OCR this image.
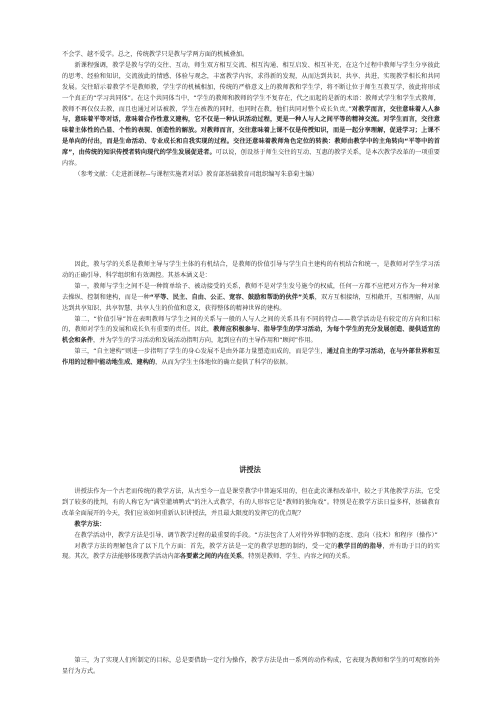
不会学、越不爱学。总之，传统教学只是教与学两方面的机械叠加。

新课程强调，教学是教与学的交往、互动，师生双方相互交流、相互沟通、相互启发、相互补充，在这个过程中教师与学生分享彼此的思考、经验和知识，交流彼此的情感、体验与观念，丰富教学内容，求得新的发现，从而达到共识、共享、共进，实现教学相长和共同发展。交往昭示着教学不是教师教，学生学的机械相加，传统的严格意义上的教师教和学生学，将不断让位于师生互教互学，彼此将形成一个真正的“学习共同体”。在这个共同体当中，“学生的教师和教师的学生不复存在，代之而起的是新的术语：教师式学生和学生式教师，教师不再仅仅去教，而且也通过对话被教，学生在被教的同时，也同时在教，他们共同对整个成长负责。”对教学而言，交往意味着人人参与，意味着平等对话，意味着合作性意义建构，它不仅是一种认识活动过程，更是一种人与人之间平等的精神交流。对学生而言，交往意味着主体性的凸显、个性的表现、创造性的解放。对教师而言，交往意味着上课不仅是传授知识，而是一起分享理解，促进学习；上课不是单向的付出，而是生命活动、专业成长和自我实现的过程。交往还意味着教师角色定位的转换：教师由教学中的主角转向“平等中的首席”，由传统的知识传授者转向现代的学生发展促进者。可以说，创设基于师生交往的互动、互惠的教学关系，是本次教学改革的一项重要内容。

（参考文献：《走进新课程--与课程实施者对话》教育部基础教育司组织编写朱慕菊主编）

因此，教与学的关系是教师主导与学生主体的有机结合，是教师的价值引导与学生自主建构的有机结合和统一，是教师对学生学习活动的正确引导、科学组织和有效调控。其基本涵义是：

第一，教师与学生之间不是一种简单给予、被动接受的关系，教师不是对学生发号施令的权威，任何一方都不应把对方作为一种对象去操纵、控制和建构，而是一种“平等、民主、自由、公正、宽容、鼓励和帮助的伙伴”关系，双方互相接纳，互相敞开，互相理解，从而达到共享知识、共享智慧、共享人生的价值和意义，获得整体的精神世界的建构。

第二，“价值引导”旨在表明教师与学生之间的关系与一般的人与人之间的关系具有不同的特点——教学活动是有较定的方向和目标的，教师对学生的发展和成长负有重要的责任。因此，教师应积极参与、指导学生的学习活动，为每个学生的充分发展创造、提供适宜的机会和条件，并为学生的学习活动和发展活动指明方向，起到应有的主导作用和“顾问”作用。

第三，“自主建构”则进一步指明了学生的身心发展不是由外部力量塑造而成的，而是学生，通过自主的学习活动，在与外部世界和互作用的过程中能动地生成、建构的，从而为学生主体地位的确立提供了科学的依据。

讲授法

讲授法作为一个古老而传统的教学方法，从古至今一直是课堂教学中普遍采用的，但在此次课程改革中，较之于其他教学方法，它受到了较多的批判，有的人称它为“满堂灌填鸭式”的注入式教学，有的人形容它是“教师的独角戏”。特别是在教学方法日益多样，基础教育改革全面展开的今天，我们应该如何重新认识讲授法，并且最大限度的发挥它的优点呢？

教学方法：

在教学活动中，教学方法是引导、调节教学过程的最重要的手段。“方法包含了人对待外界事物的态度、意向（技术）和程序（操作）”

对教学方法的理解包含了以下几个方面：首先，教学方法是一定的教学思想的制约，受一定的教学目的的指导，并有助于目的的实现。其次，教学方法能够体现教学活动内部各要素之间的内在关系，特别是教师、学生、内容之间的关系。

第三，为了实现人们所制定的目标，总是要借助一定行为操作，教学方法是由一系列的动作构成，它表现为教师和学生的可观察的外显行为方式。
